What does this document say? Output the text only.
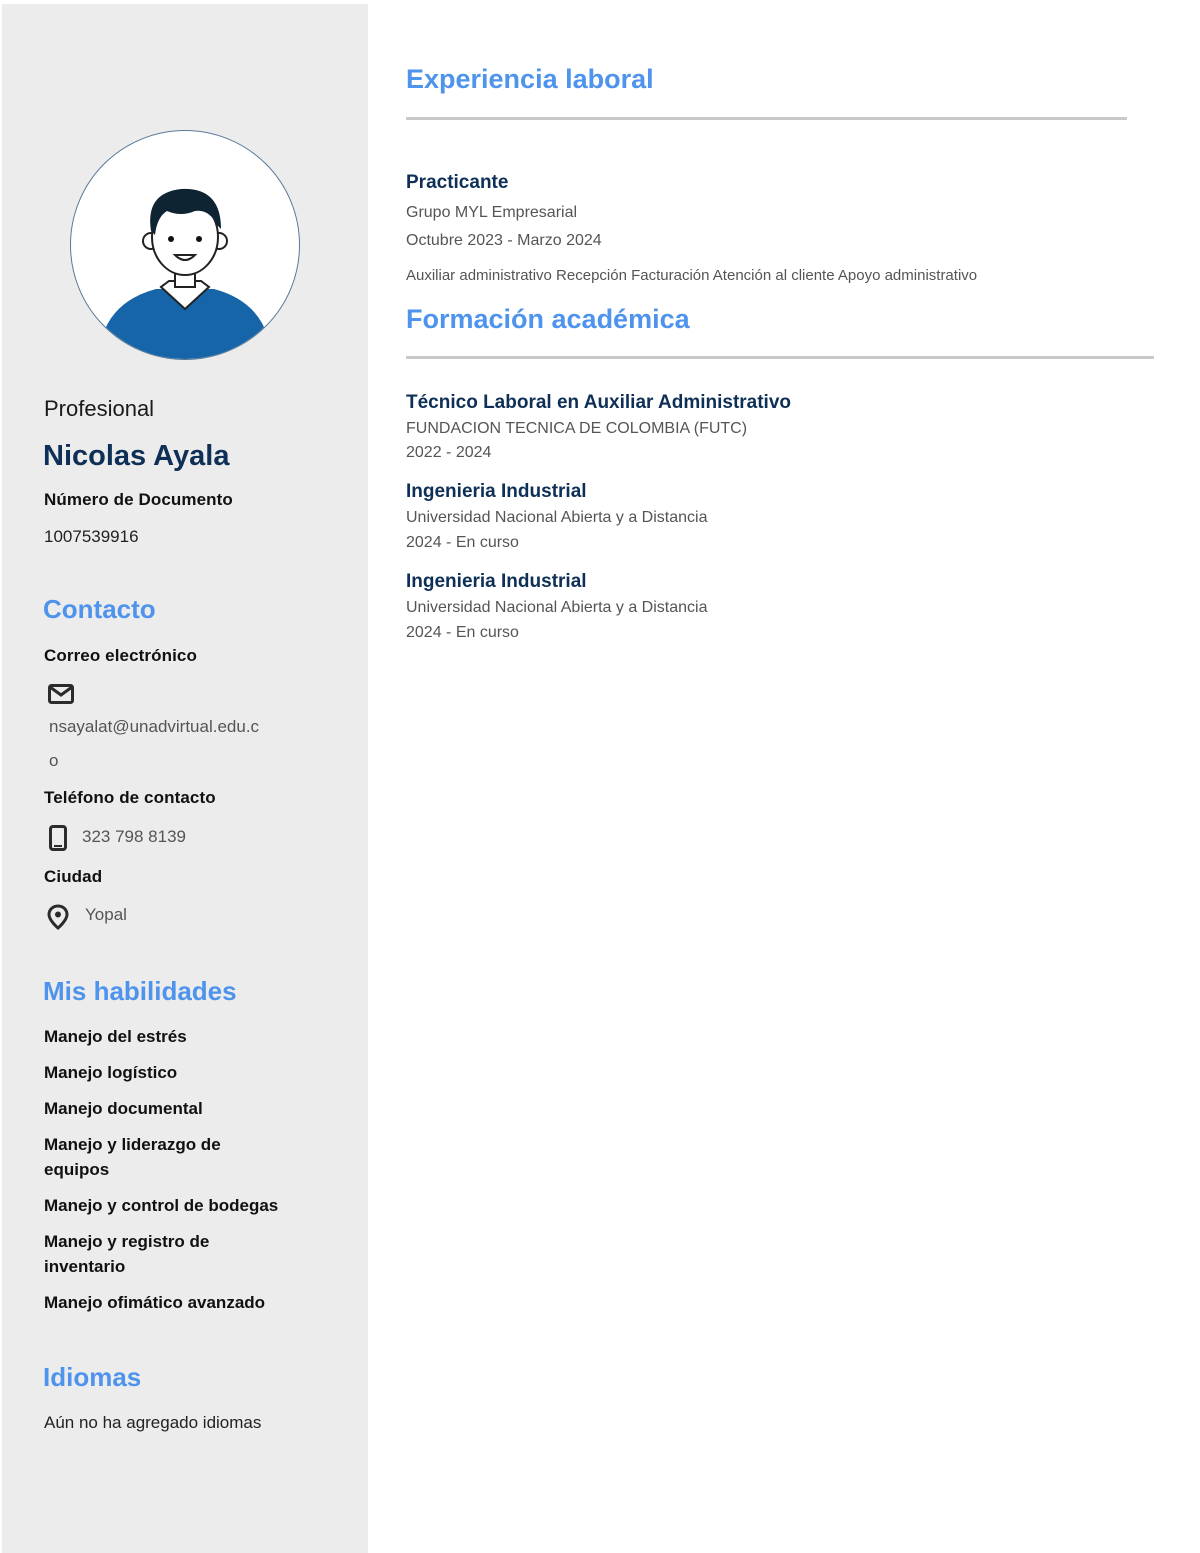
Profesional
Nicolas Ayala
Número de Documento
1007539916
Contacto
Correo electrónico
nsayalat@unadvirtual.edu.c
o
Teléfono de contacto
323 798 8139
Ciudad
Yopal
Mis habilidades
Manejo del estrés
Manejo logístico
Manejo documental
Manejo y liderazgo de equipos
Manejo y control de bodegas
Manejo y registro de inventario
Manejo ofimático avanzado
Idiomas
Aún no ha agregado idiomas
Experiencia laboral
Practicante
Grupo MYL Empresarial
Octubre 2023 - Marzo 2024
Auxiliar administrativo Recepción Facturación Atención al cliente Apoyo administrativo
Formación académica
Técnico Laboral en Auxiliar Administrativo
FUNDACION TECNICA DE COLOMBIA (FUTC)
2022 - 2024
Ingenieria Industrial
Universidad Nacional Abierta y a Distancia
2024 - En curso
Ingenieria Industrial
Universidad Nacional Abierta y a Distancia
2024 - En curso
